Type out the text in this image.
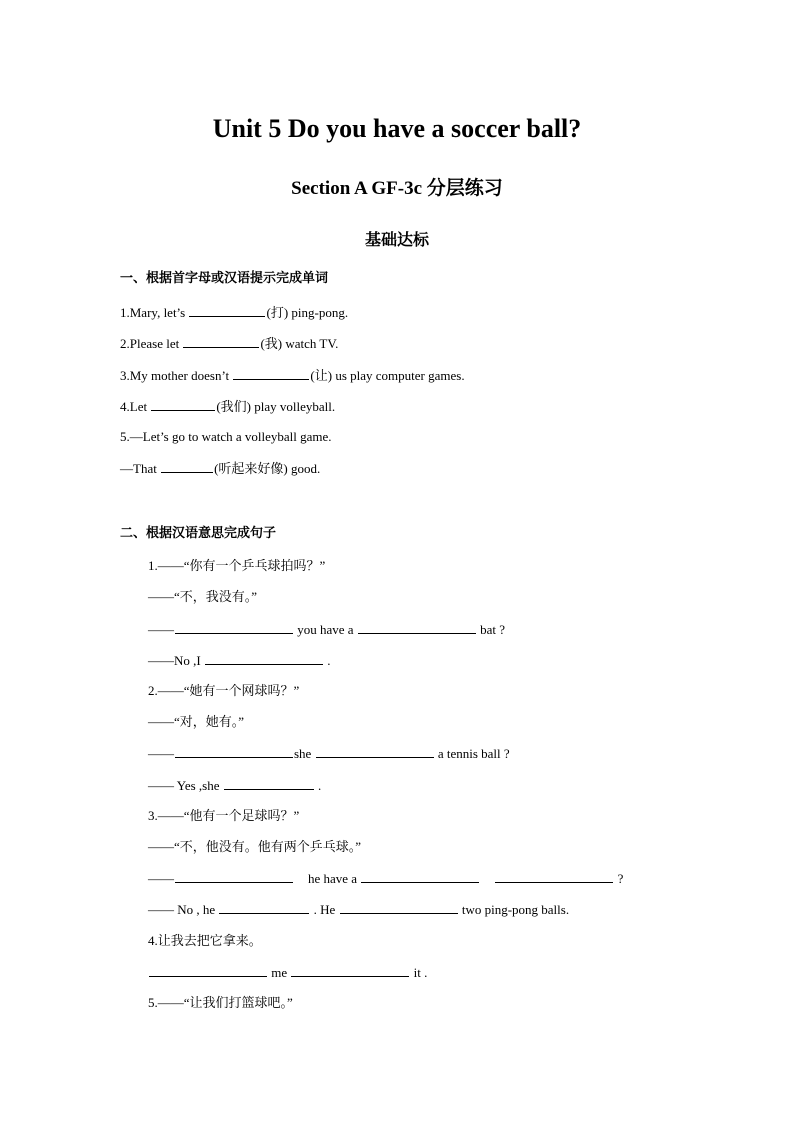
Unit 5 Do you have a soccer ball?
Section A GF-3c 分层练习
基础达标
一、根据首字母或汉语提示完成单词
1.Mary, let’s	(打) ping-pong.
2.Please let	(我) watch TV.
3.My mother doesn’t	(让) us play computer games.
4.Let	(我们) play volleyball.
5.—Let’s go to watch a volleyball game.
—That	(听起来好像) good.
二、根据汉语意思完成句子
1.——“你有一个乒乓球拍吗？”
——“不，我没有。”
——	you have a	bat ?
——No ,I	.
2.——“她有一个网球吗？”
——“对，她有。”
——	she	a tennis ball ?
—— Yes ,she	.
3.——“他有一个足球吗？”
——“不，他没有。他有两个乒乓球。”
——	he have a	?
—— No , he	. He	two ping-pong balls.
4.让我去把它拿来。
me	it .
5.——“让我们打篮球吧。”
